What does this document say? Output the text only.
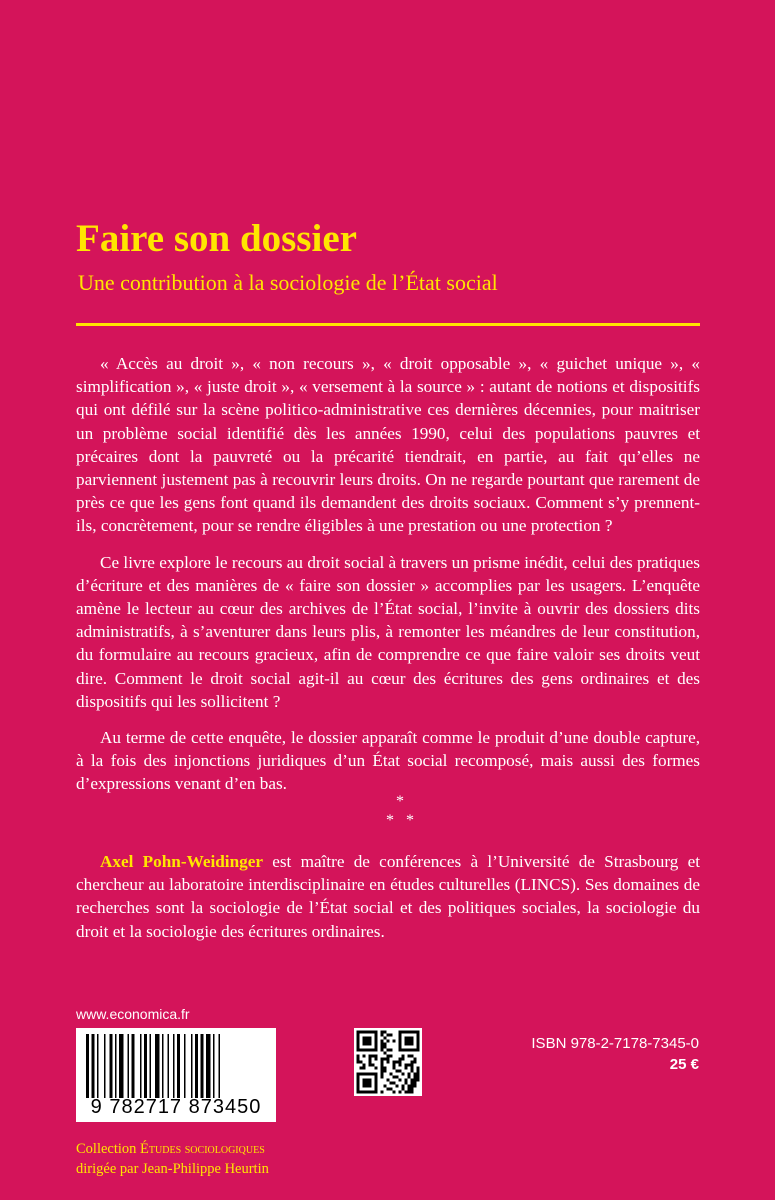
Faire son dossier

Une contribution à la sociologie de l’État social

« Accès au droit », « non recours », « droit opposable », « guichet unique », « simplification », « juste droit », « versement à la source » : autant de notions et dispositifs qui ont défilé sur la scène politico-administrative ces dernières décennies, pour maitriser un problème social identifié dès les années 1990, celui des populations pauvres et précaires dont la pauvreté ou la précarité tiendrait, en partie, au fait qu’elles ne parviennent justement pas à recouvrir leurs droits. On ne regarde pourtant que rarement de près ce que les gens font quand ils demandent des droits sociaux. Comment s’y prennent-ils, concrètement, pour se rendre éligibles à une prestation ou une protection ?

Ce livre explore le recours au droit social à travers un prisme inédit, celui des pratiques d’écriture et des manières de « faire son dossier » accomplies par les usagers. L’enquête amène le lecteur au cœur des archives de l’État social, l’invite à ouvrir des dossiers dits administratifs, à s’aventurer dans leurs plis, à remonter les méandres de leur constitution, du formulaire au recours gracieux, afin de comprendre ce que faire valoir ses droits veut dire. Comment le droit social agit-il au cœur des écritures des gens ordinaires et des dispositifs qui les sollicitent ?

Au terme de cette enquête, le dossier apparaît comme le produit d’une double capture, à la fois des injonctions juridiques d’un État social recomposé, mais aussi des formes d’expressions venant d’en bas.

*
*   *

Axel Pohn-Weidinger est maître de conférences à l’Université de Strasbourg et chercheur au laboratoire interdisciplinaire en études culturelles (LINCS). Ses domaines de recherches sont la sociologie de l’État social et des politiques sociales, la sociologie du droit et la sociologie des écritures ordinaires.

www.economica.fr
9 782717 873450
ISBN 978-2-7178-7345-0
25 €
Collection Études sociologiques
dirigée par Jean-Philippe Heurtin
